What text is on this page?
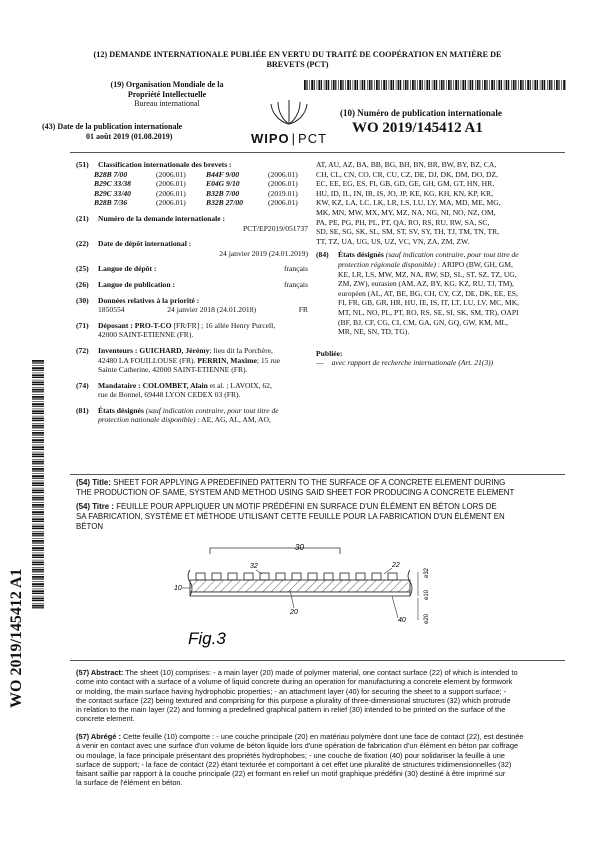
(12) DEMANDE INTERNATIONALE PUBLIÉE EN VERTU DU TRAITÉ DE COOPÉRATION EN MATIÈRE DE
BREVETS (PCT)
(19) Organisation Mondiale de la
Propriété Intellectuelle
Bureau international
(43) Date de la publication internationale
01 août 2019 (01.08.2019)	WIPO | PCT
(10) Numéro de publication internationale
WO 2019/145412 A1
(51) Classification internationale des brevets :
B28B 7/00	(2006.01)	B44F 9/00	(2006.01)
B29C 33/38	(2006.01)	E04G 9/10	(2006.01)
B29C 33/40	(2006.01)	B32B 7/00	(2019.01)
B28B 7/36	(2006.01)	B32B 27/00	(2006.01)
(21) Numéro de la demande internationale :
PCT/EP2019/051737
(22) Date de dépôt international :
24 janvier 2019 (24.01.2019)
(25) Langue de dépôt :	français
(26) Langue de publication :	français
(30) Données relatives à la priorité :
1850554	24 janvier 2018 (24.01.2018)	FR
(71) Déposant : PRO-T-CO [FR/FR] ; 16 allée Henry Purcell,
42000 SAINT-ETIENNE (FR).
(72) Inventeurs : GUICHARD, Jérémy; lieu dit la Porchère,
42480 LA FOUILLOUSE (FR). PERRIN, Maxime; 15 rue
Sainte Catherine, 42000 SAINT-ETIENNE (FR).
(74) Mandataire : COLOMBET, Alain et al. ; LAVOIX, 62,
rue de Bonnel, 69448 LYON CEDEX 03 (FR).
(81) États désignés (sauf indication contraire, pour tout titre de
protection nationale disponible) : AE, AG, AL, AM, AO,
AT, AU, AZ, BA, BB, BG, BH, BN, BR, BW, BY, BZ, CA,
CH, CL, CN, CO, CR, CU, CZ, DE, DJ, DK, DM, DO, DZ,
EC, EE, EG, ES, FI, GB, GD, GE, GH, GM, GT, HN, HR,
HU, ID, IL, IN, IR, IS, JO, JP, KE, KG, KH, KN, KP, KR,
KW, KZ, LA, LC, LK, LR, LS, LU, LY, MA, MD, ME, MG,
MK, MN, MW, MX, MY, MZ, NA, NG, NI, NO, NZ, OM,
PA, PE, PG, PH, PL, PT, QA, RO, RS, RU, RW, SA, SC,
SD, SE, SG, SK, SL, SM, ST, SV, SY, TH, TJ, TM, TN, TR,
TT, TZ, UA, UG, US, UZ, VC, VN, ZA, ZM, ZW.
(84) États désignés (sauf indication contraire, pour tout titre de
protection régionale disponible) : ARIPO (BW, GH, GM,
KE, LR, LS, MW, MZ, NA, RW, SD, SL, ST, SZ, TZ, UG,
ZM, ZW), eurasien (AM, AZ, BY, KG, KZ, RU, TJ, TM),
européen (AL, AT, BE, BG, CH, CY, CZ, DE, DK, EE, ES,
FI, FR, GB, GR, HR, HU, IE, IS, IT, LT, LU, LV, MC, MK,
MT, NL, NO, PL, PT, RO, RS, SE, SI, SK, SM, TR), OAPI
(BF, BJ, CF, CG, CI, CM, GA, GN, GQ, GW, KM, ML,
MR, NE, SN, TD, TG).
Publiée:
— avec rapport de recherche internationale (Art. 21(3))
WO 2019/145412 A1
(54) Title: SHEET FOR APPLYING A PREDEFINED PATTERN TO THE SURFACE OF A CONCRETE ELEMENT DURING
THE PRODUCTION OF SAME, SYSTEM AND METHOD USING SAID SHEET FOR PRODUCING A CONCRETE ELEMENT
(54) Titre : FEUILLE POUR APPLIQUER UN MOTIF PRÉDÉFINI EN SURFACE D'UN ÉLÉMENT EN BÉTON LORS DE
SA FABRICATION, SYSTÈME ET MÉTHODE UTILISANT CETTE FEUILLE POUR LA FABRICATION D'UN ÉLÉMENT EN
BÉTON
30
32	22
10
20
40
e32
e10
e20
Fig.3
(57) Abstract: The sheet (10) comprises: - a main layer (20) made of polymer material, one contact surface (22) of which is intended to
come into contact with a surface of a volume of liquid concrete during an operation for manufacturing a concrete element by formwork
or molding, the main surface having hydrophobic properties; - an attachment layer (40) for securing the sheet to a support surface; -
the contact surface (22) being textured and comprising for this purpose a plurality of three-dimensional structures (32) which protrude
in relation to the main layer (22) and forming a predefined graphical pattern in relief (30) intended to be printed on the surface of the
concrete element.
(57) Abrégé : Cette feuille (10) comporte : - une couche principale (20) en matériau polymère dont une face de contact (22), est destinée
à venir en contact avec une surface d'un volume de béton liquide lors d'une opération de fabrication d'un élément en béton par coffrage
ou moulage, la face principale présentant des propriétés hydrophobes; - une couche de fixation (40) pour solidariser la feuille à une
surface de support; - la face de contact (22) étant texturée et comportant à cet effet une pluralité de structures tridimensionnelles (32)
faisant saillie par rapport à la couche principale (22) et formant en relief un motif graphique prédéfini (30) destiné à être imprimé sur
la surface de l'élément en béton.
